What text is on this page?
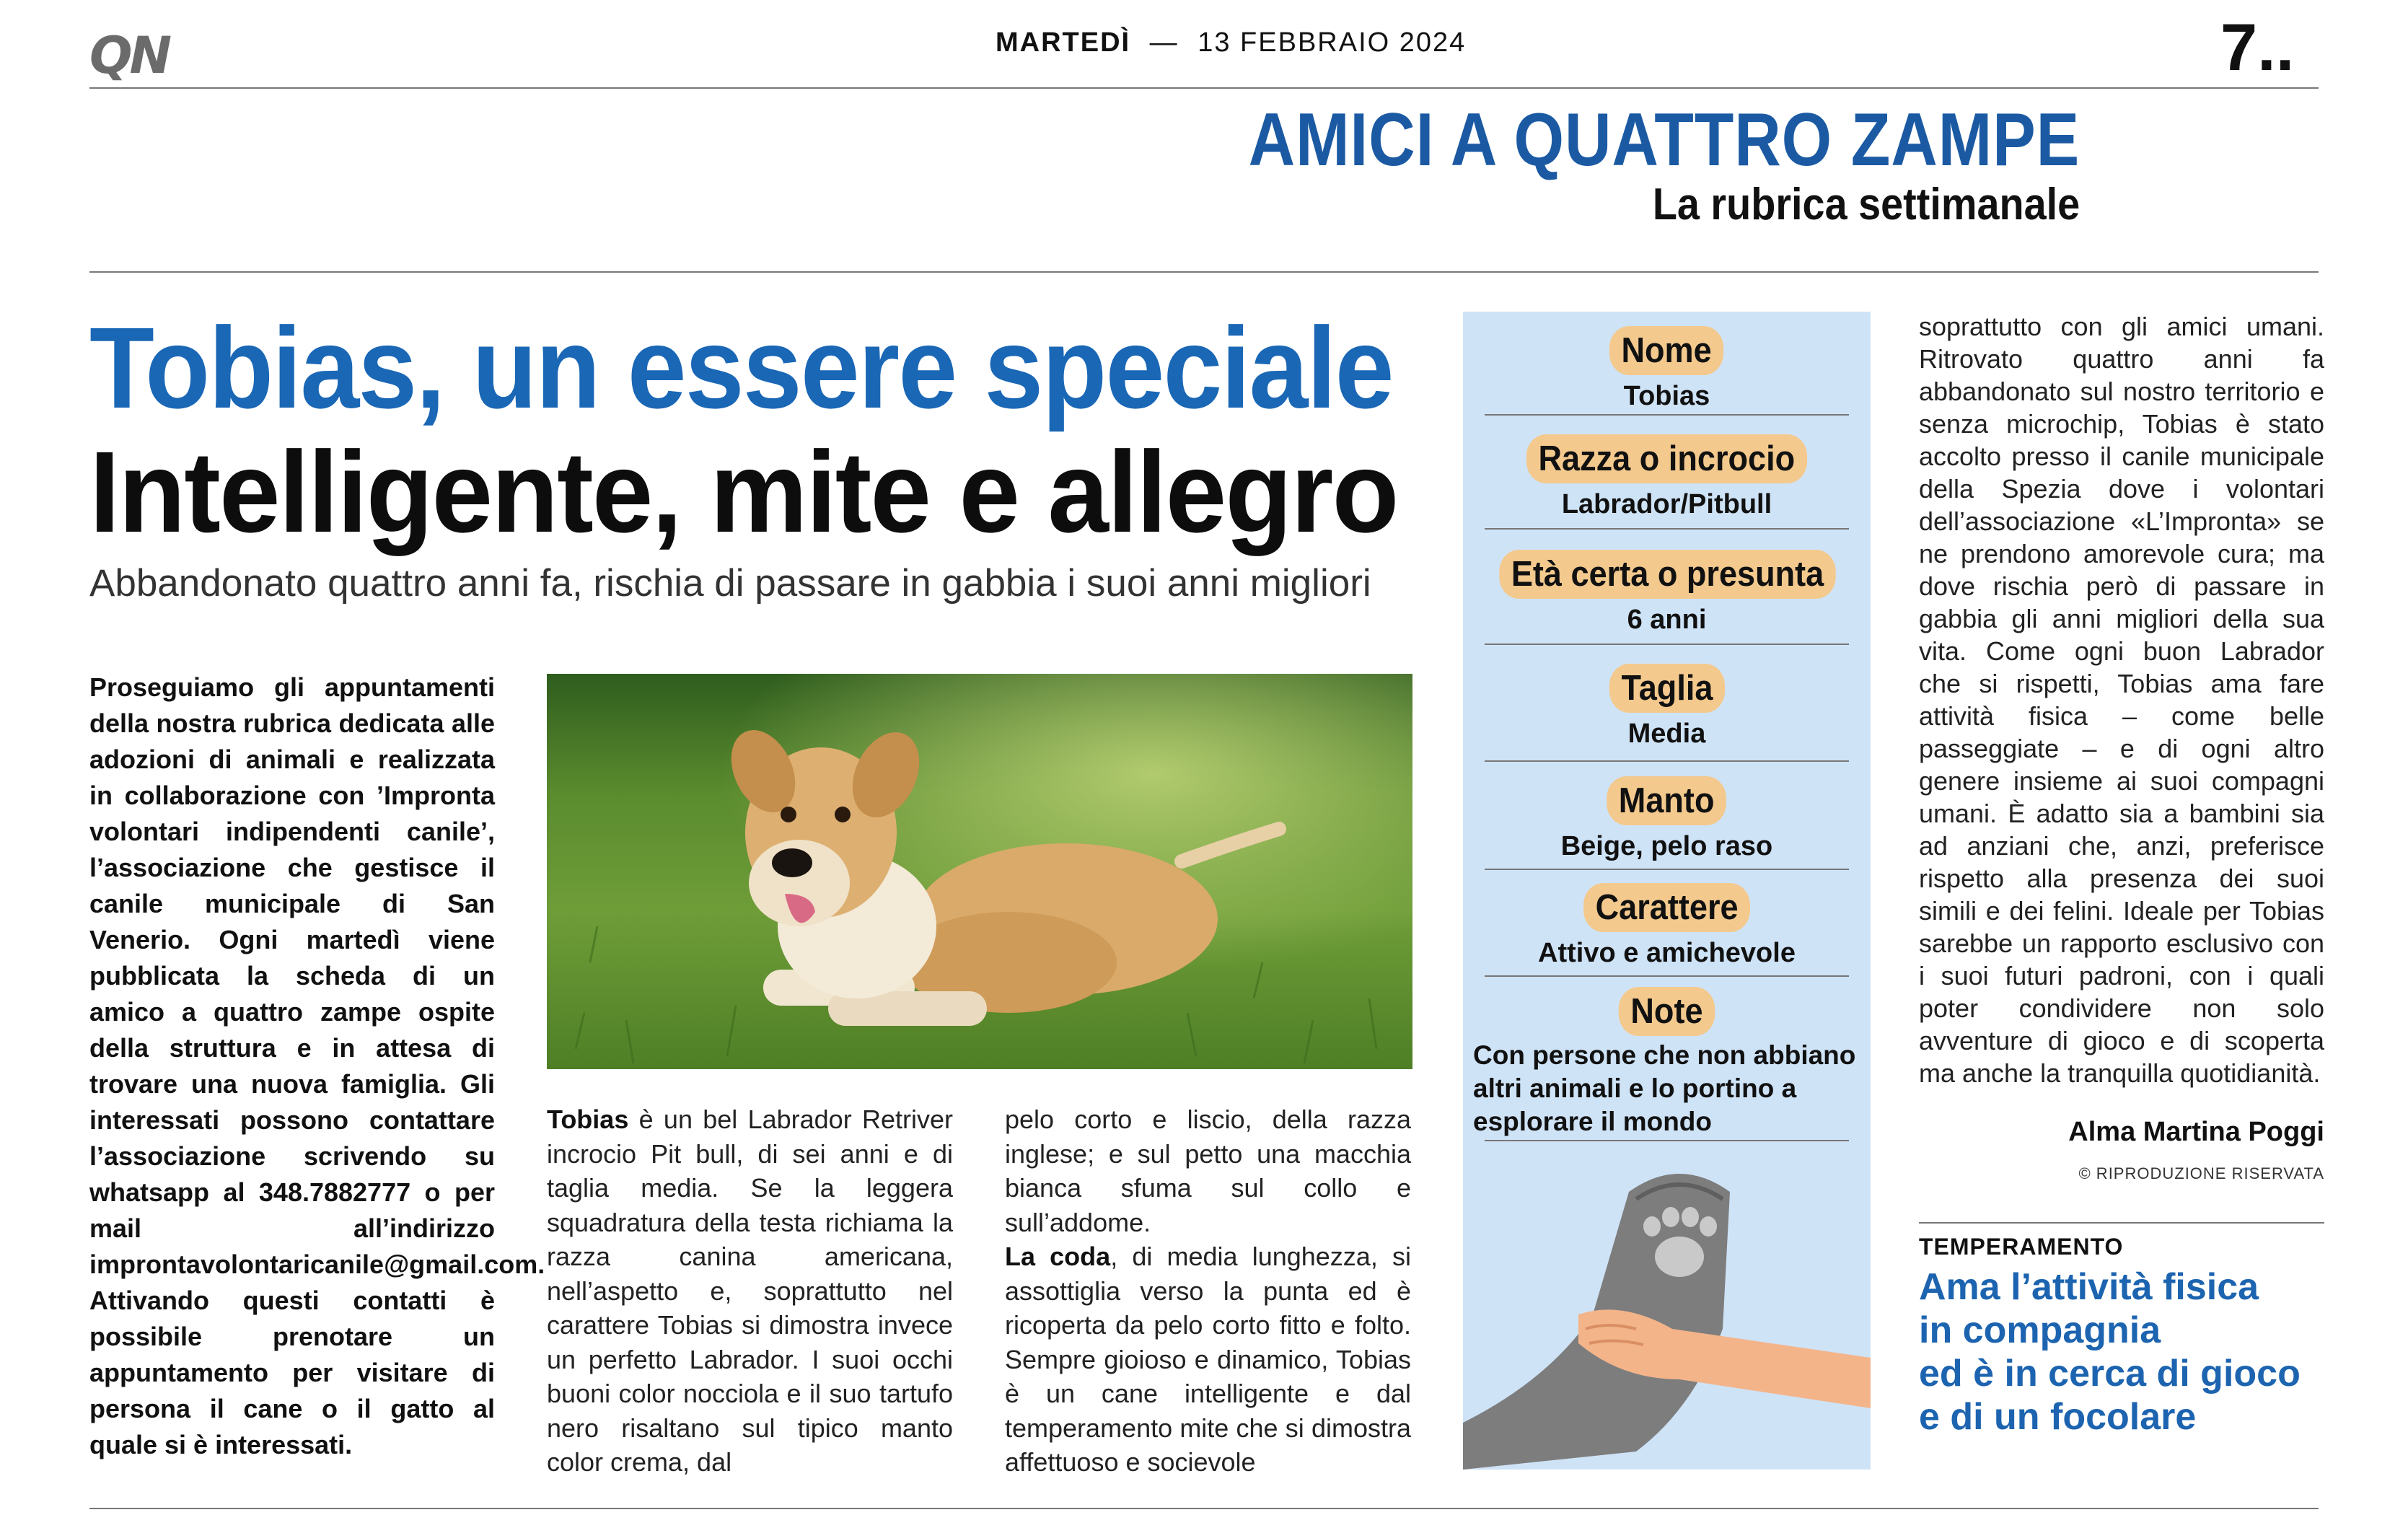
QN	MARTEDÌ — 13 FEBBRAIO 2024	7..
AMICI A QUATTRO ZAMPE
La rubrica settimanale
Tobias, un essere speciale
Intelligente, mite e allegro
Abbandonato quattro anni fa, rischia di passare in gabbia i suoi anni migliori
Proseguiamo gli appuntamenti della nostra rubrica dedicata alle adozioni di animali e realizzata in collaborazione con ’Impronta volontari indipendenti canile’, l’associazione che gestisce il canile municipale di San Venerio. Ogni martedì viene pubblicata la scheda di un amico a quattro zampe ospite della struttura e in attesa di trovare una nuova famiglia. Gli interessati possono contattare l’associazione scrivendo su whatsapp al 348.7882777 o per mail all’indirizzo improntavolontaricanile@gmail.com. Attivando questi contatti è possibile prenotare un appuntamento per visitare di persona il cane o il gatto al quale si è interessati.
Tobias è un bel Labrador Retriver incrocio Pit bull, di sei anni e di taglia media. Se la leggera squadratura della testa richiama la razza canina americana, nell’aspetto e, soprattutto nel carattere Tobias si dimostra invece un perfetto Labrador. I suoi occhi buoni color nocciola e il suo tartufo nero risaltano sul tipico manto color crema, dal
pelo corto e liscio, della razza inglese; e sul petto una macchia bianca sfuma sul collo e sull’addome.
La coda, di media lunghezza, si assottiglia verso la punta ed è ricoperta da pelo corto fitto e folto. Sempre gioioso e dinamico, Tobias è un cane intelligente e dal temperamento mite che si dimostra affettuoso e socievole
Nome
Tobias
Razza o incrocio
Labrador/Pitbull
Età certa o presunta
6 anni
Taglia
Media
Manto
Beige, pelo raso
Carattere
Attivo e amichevole
Note
Con persone che non abbiano altri animali e lo portino a esplorare il mondo
soprattutto con gli amici umani. Ritrovato quattro anni fa abbandonato sul nostro territorio e senza microchip, Tobias è stato accolto presso il canile municipale della Spezia dove i volontari dell’associazione «L’Impronta» se ne prendono amorevole cura; ma dove rischia però di passare in gabbia gli anni migliori della sua vita. Come ogni buon Labrador che si rispetti, Tobias ama fare attività fisica – come belle passeggiate – e di ogni altro genere insieme ai suoi compagni umani. È adatto sia a bambini sia ad anziani che, anzi, preferisce rispetto alla presenza dei suoi simili e dei felini. Ideale per Tobias sarebbe un rapporto esclusivo con i suoi futuri padroni, con i quali poter condividere non solo avventure di gioco e di scoperta ma anche la tranquilla quotidianità.
Alma Martina Poggi
© RIPRODUZIONE RISERVATA
TEMPERAMENTO
Ama l’attività fisica
in compagnia
ed è in cerca di gioco
e di un focolare
